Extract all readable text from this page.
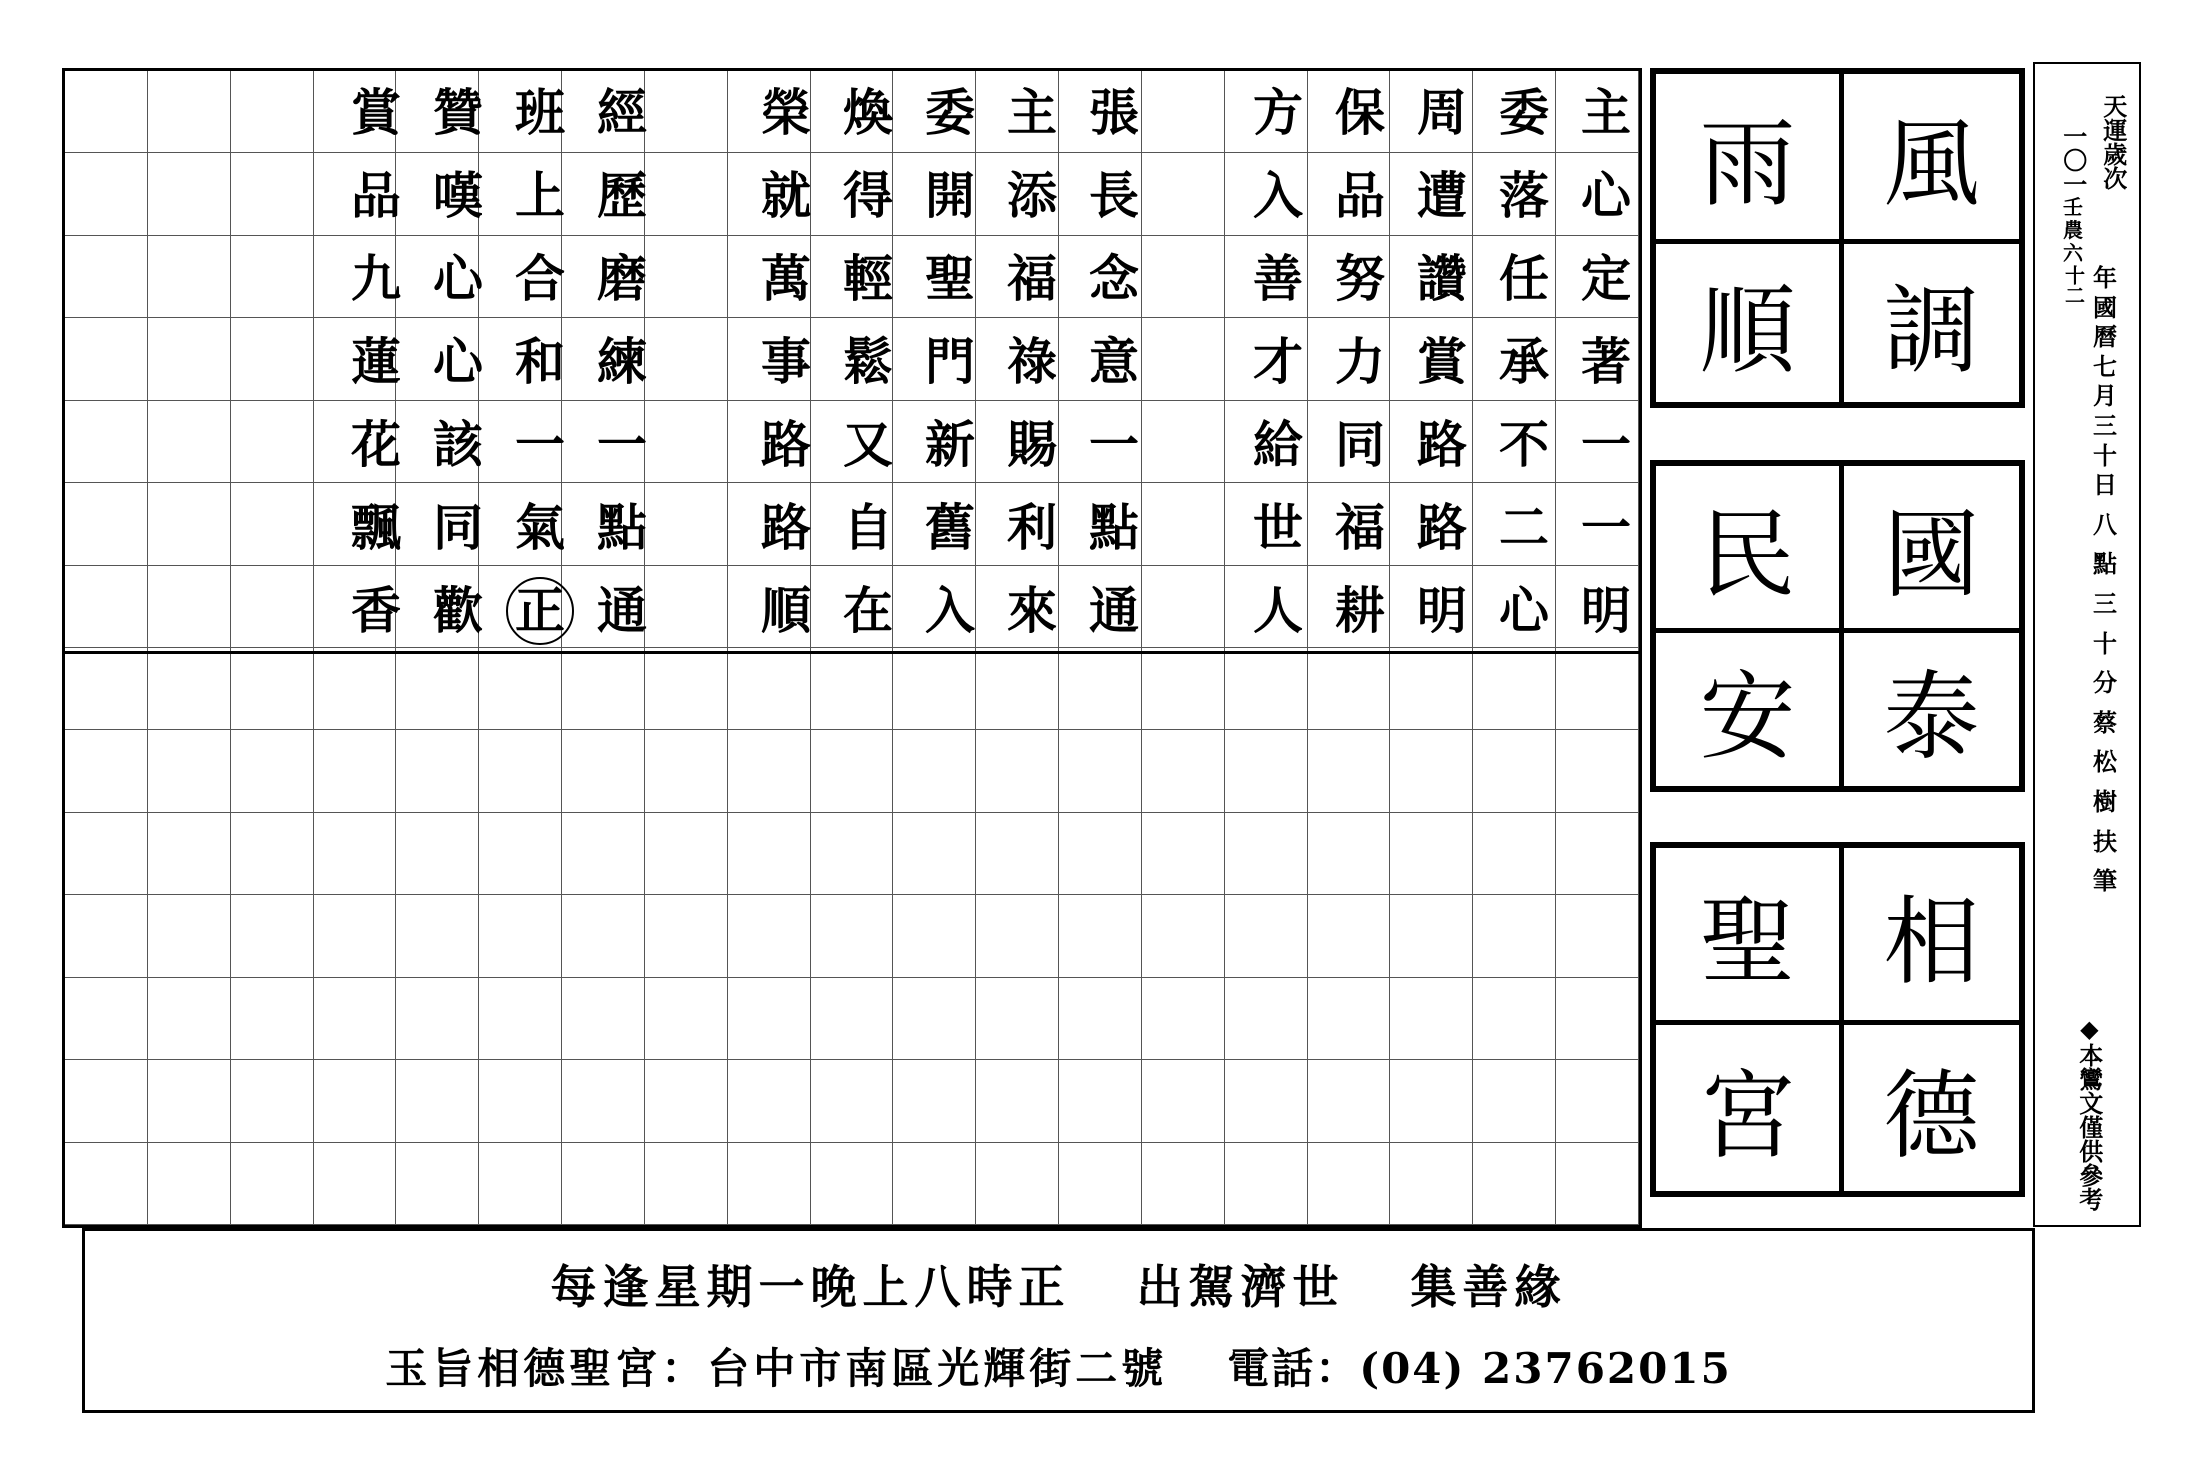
主
心
定
著
一
一
明
委
落
任
承
不
二
心
周
遭
讚
賞
路
路
明
保
品
努
力
同
福
耕
方
入
善
才
給
世
人
張
長
念
意
一
點
通
主
添
福
祿
賜
利
來
委
開
聖
門
新
舊
入
煥
得
輕
鬆
又
自
在
榮
就
萬
事
路
路
順
經
歷
磨
練
一
點
通
班
上
合
和
一
氣
正
贊
嘆
心
心
該
同
歡
賞
品
九
蓮
花
飄
香
風
調
雨
順
國
泰
民
安
相
德
聖
宮
天運歲次
一〇一
壬
農
六
十二 年
國
曆
七
月
三
十
日
八
點
三
十
分
蔡
松
樹
扶
筆
◆本鸞文僅供參考
每逢星期一晚上八時正   出駕濟世   集善緣
玉旨相德聖宮：台中市南區光輝街二號 電話：(04) 23762015
